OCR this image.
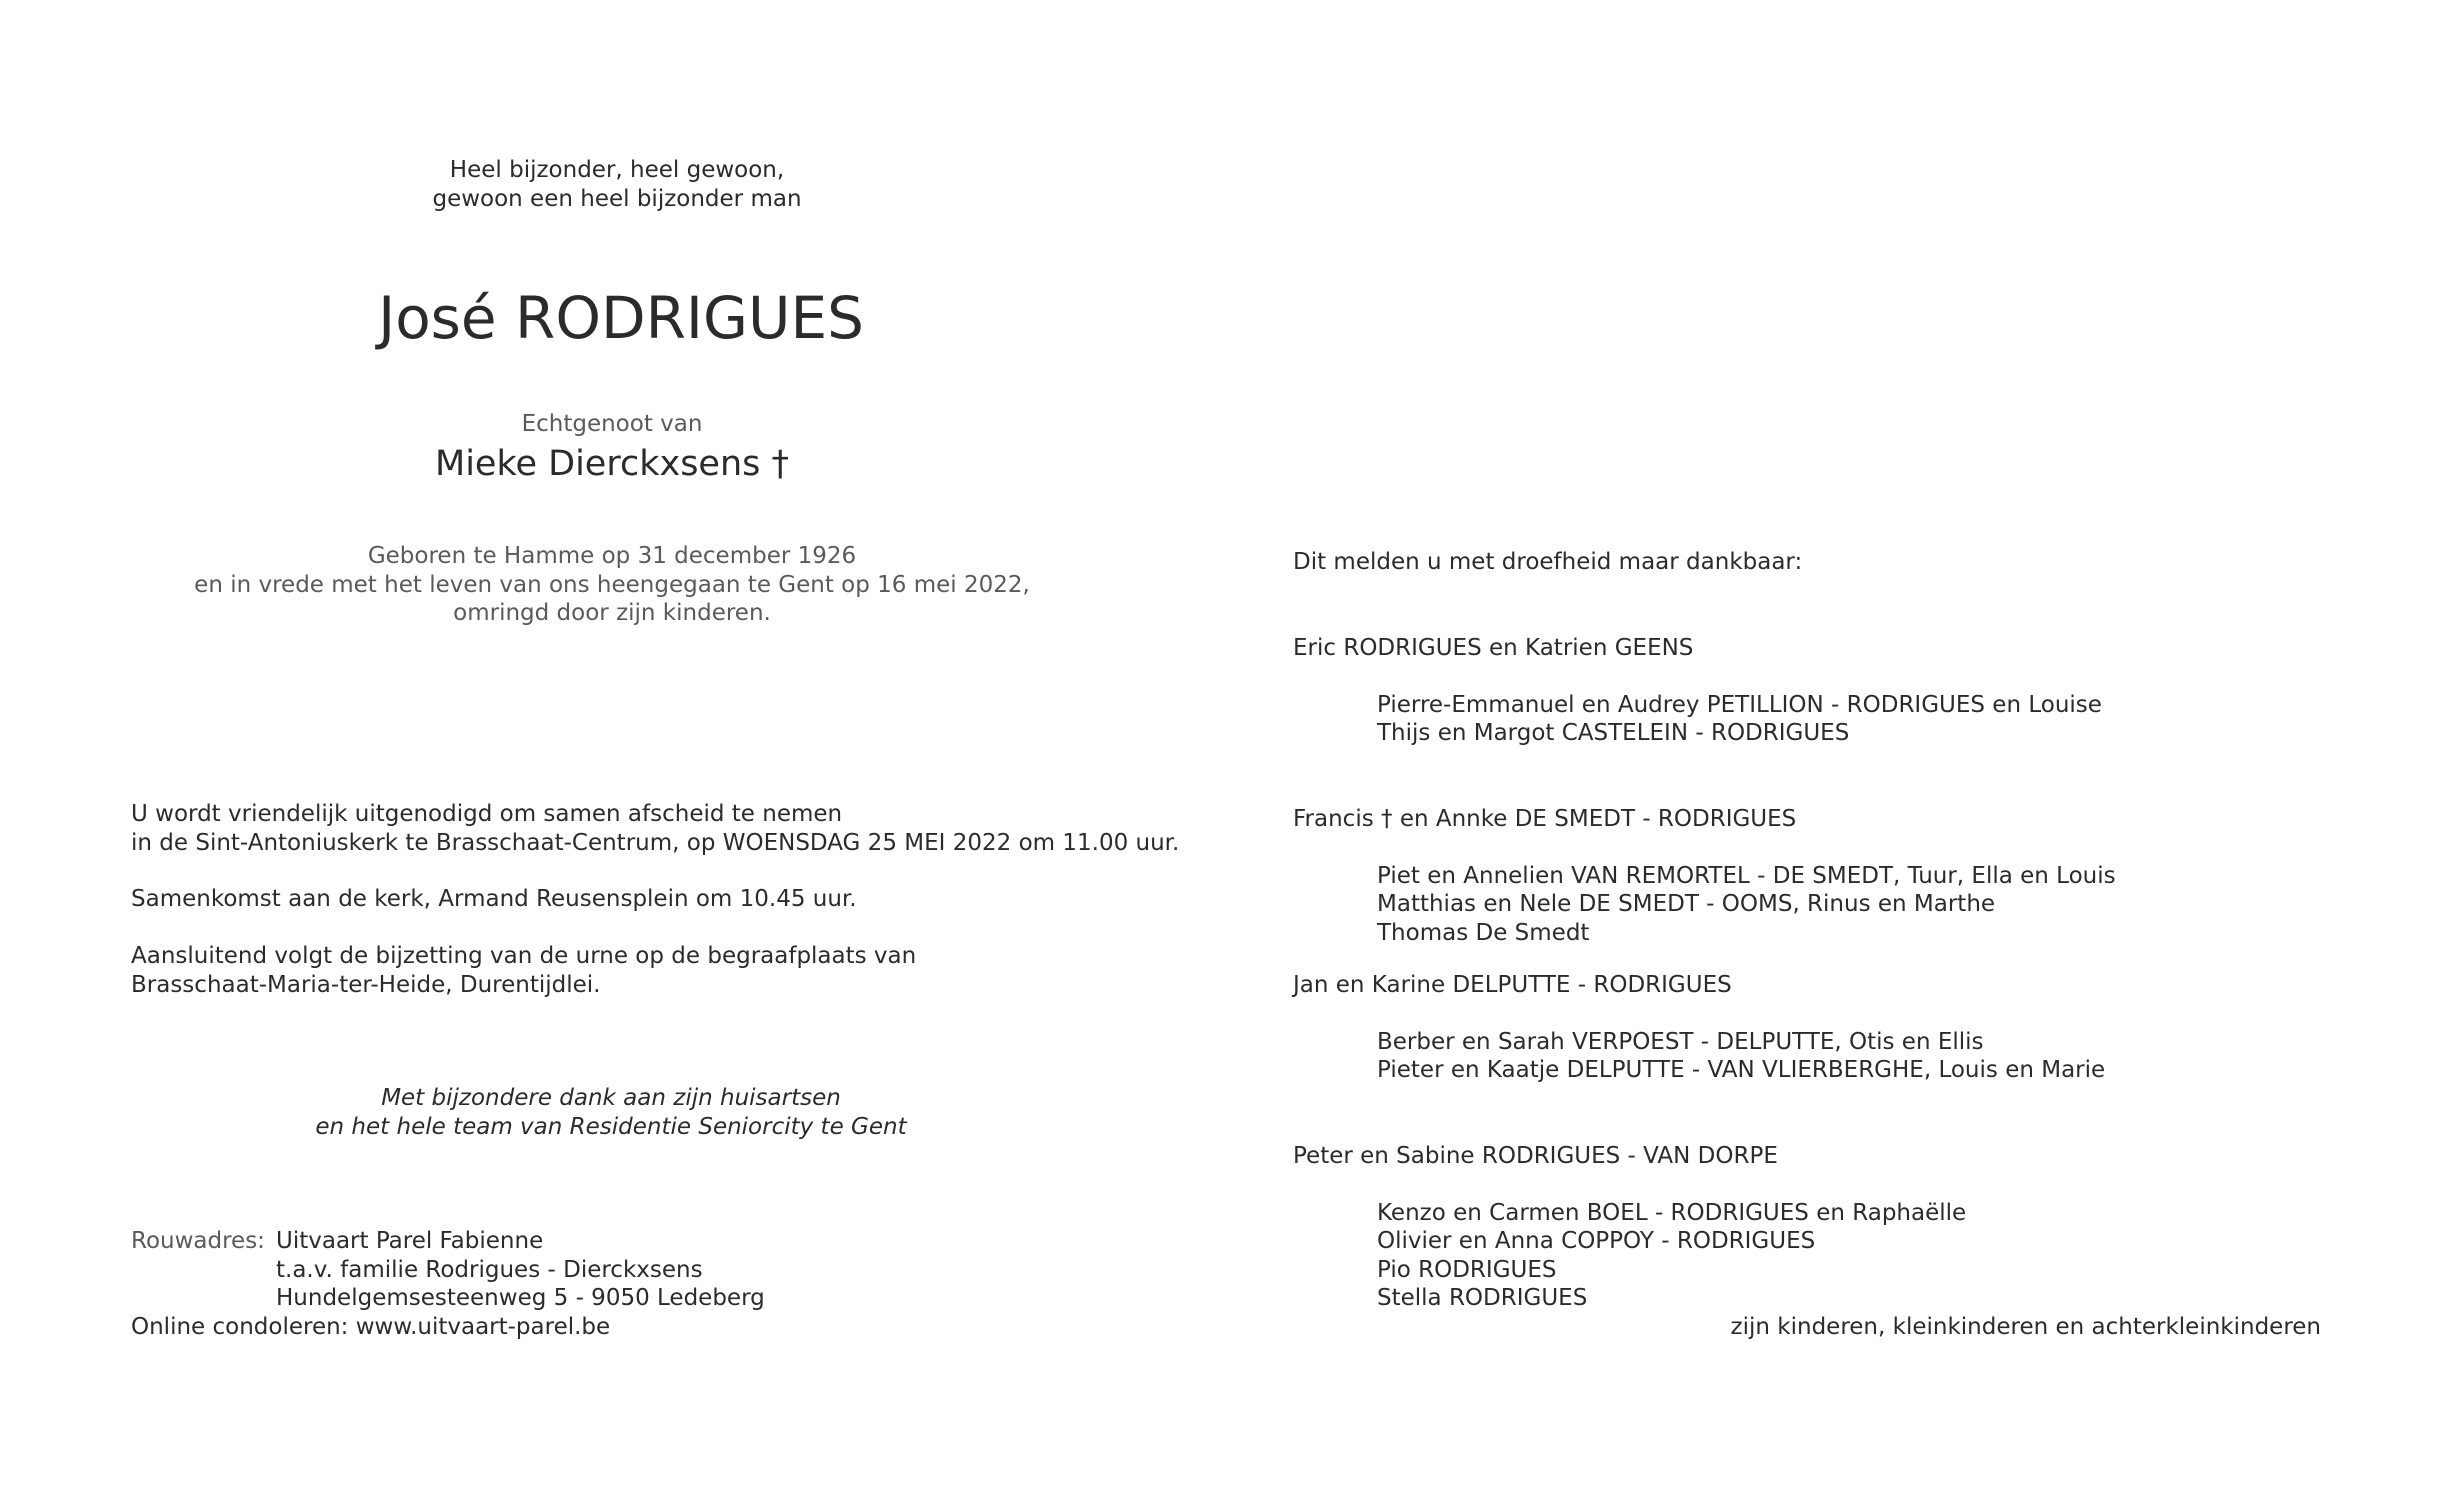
Heel bijzonder, heel gewoon,
gewoon een heel bijzonder man
José RODRIGUES
Echtgenoot van
Mieke Dierckxsens †
Geboren te Hamme op 31 december 1926
en in vrede met het leven van ons heengegaan te Gent op 16 mei 2022,
omringd door zijn kinderen.
U wordt vriendelijk uitgenodigd om samen afscheid te nemen
in de Sint-Antoniuskerk te Brasschaat-Centrum, op WOENSDAG 25 MEI 2022 om 11.00 uur.
Samenkomst aan de kerk, Armand Reusensplein om 10.45 uur.
Aansluitend volgt de bijzetting van de urne op de begraafplaats van
Brasschaat-Maria-ter-Heide, Durentijdlei.
Met bijzondere dank aan zijn huisartsen
en het hele team van Residentie Seniorcity te Gent
Rouwadres: Uitvaart Parel Fabienne
t.a.v. familie Rodrigues - Dierckxsens
Hundelgemsesteenweg 5 - 9050 Ledeberg
Online condoleren: www.uitvaart-parel.be
Dit melden u met droefheid maar dankbaar:
Eric RODRIGUES en Katrien GEENS
Pierre-Emmanuel en Audrey PETILLION - RODRIGUES en Louise
Thijs en Margot CASTELEIN - RODRIGUES
Francis † en Annke DE SMEDT - RODRIGUES
Piet en Annelien VAN REMORTEL - DE SMEDT, Tuur, Ella en Louis
Matthias en Nele DE SMEDT - OOMS, Rinus en Marthe
Thomas De Smedt
Jan en Karine DELPUTTE - RODRIGUES
Berber en Sarah VERPOEST - DELPUTTE, Otis en Ellis
Pieter en Kaatje DELPUTTE - VAN VLIERBERGHE, Louis en Marie
Peter en Sabine RODRIGUES - VAN DORPE
Kenzo en Carmen BOEL - RODRIGUES en Raphaëlle
Olivier en Anna COPPOY - RODRIGUES
Pio RODRIGUES
Stella RODRIGUES
zijn kinderen, kleinkinderen en achterkleinkinderen
